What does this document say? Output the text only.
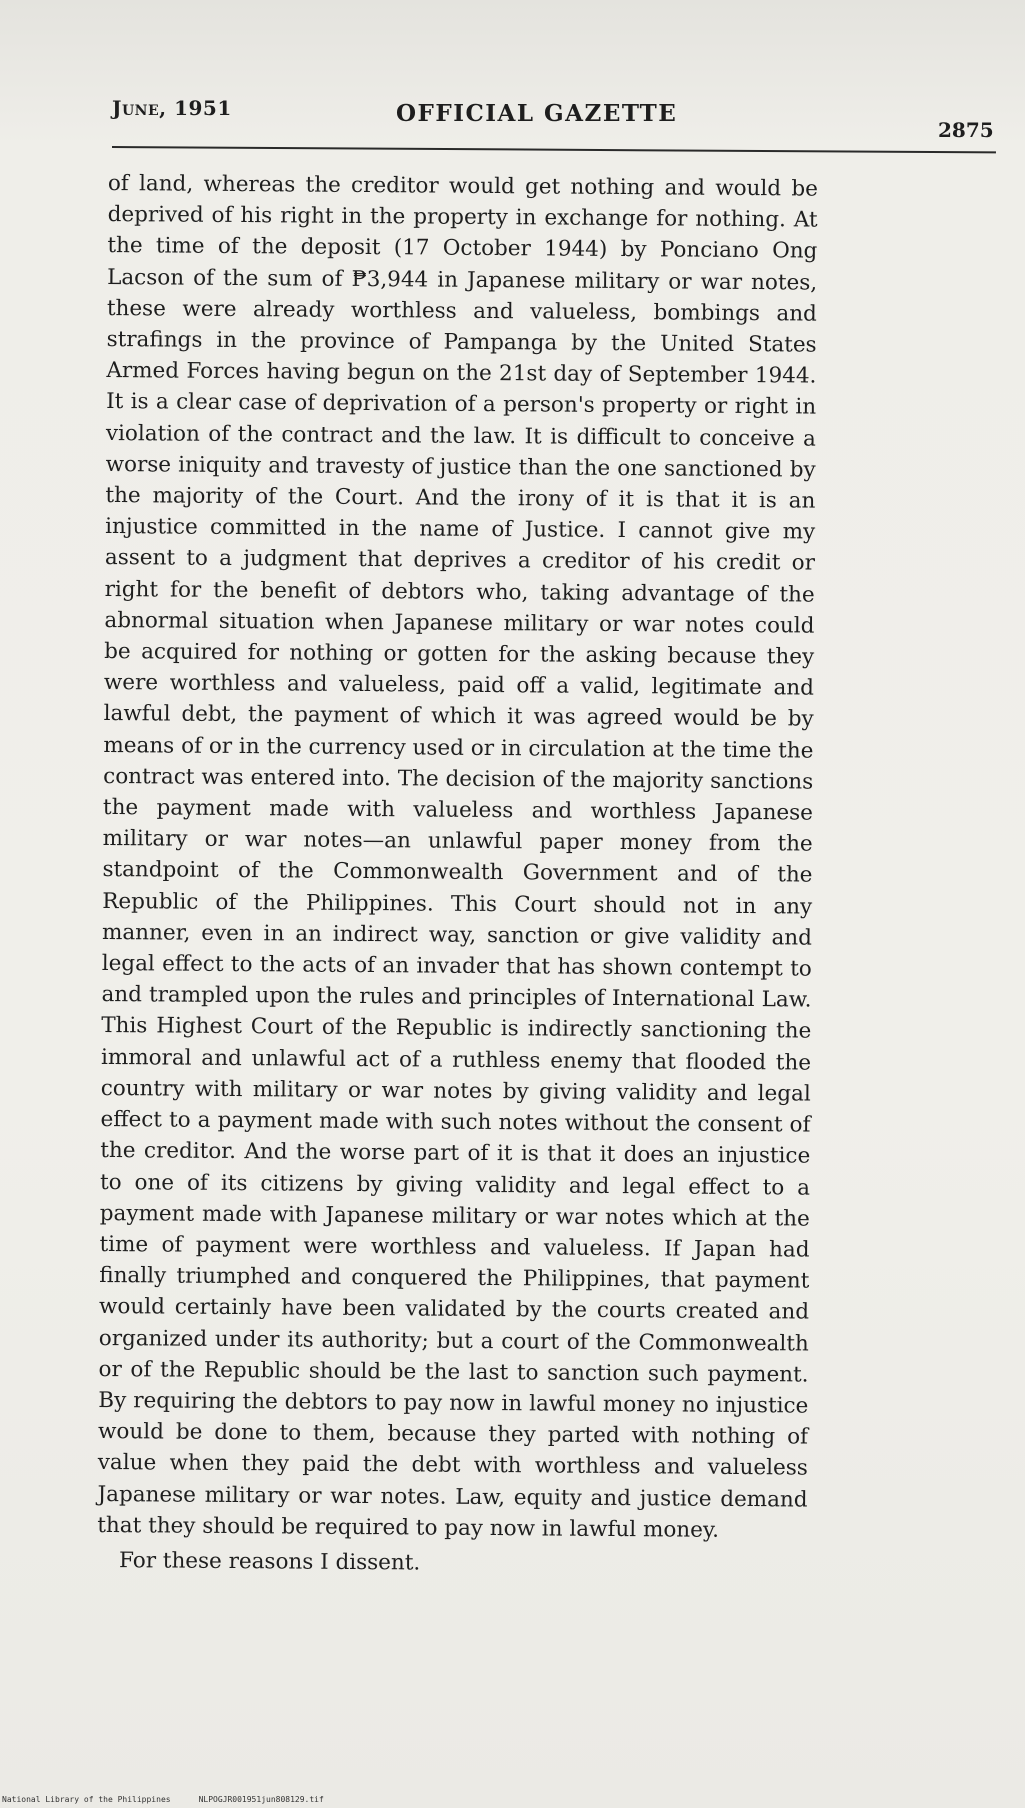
June, 1951	OFFICIAL GAZETTE
2875

of land, whereas the creditor would get nothing and would be deprived of his right in the property in exchange for nothing. At the time of the deposit (17 October 1944) by Ponciano Ong Lacson of the sum of ₱3,944 in Japanese military or war notes, these were already worthless and valueless, bombings and strafings in the province of Pampanga by the United States Armed Forces having begun on the 21st day of September 1944. It is a clear case of deprivation of a person's property or right in violation of the contract and the law. It is difficult to conceive a worse iniquity and travesty of justice than the one sanctioned by the majority of the Court. And the irony of it is that it is an injustice committed in the name of Justice. I cannot give my assent to a judgment that deprives a creditor of his credit or right for the benefit of debtors who, taking advantage of the abnormal situation when Japanese military or war notes could be acquired for nothing or gotten for the asking because they were worthless and valueless, paid off a valid, legitimate and lawful debt, the payment of which it was agreed would be by means of or in the currency used or in circulation at the time the contract was entered into. The decision of the majority sanctions the payment made with valueless and worthless Japanese military or war notes—an unlawful paper money from the standpoint of the Commonwealth Government and of the Republic of the Philippines. This Court should not in any manner, even in an indirect way, sanction or give validity and legal effect to the acts of an invader that has shown contempt to and trampled upon the rules and principles of International Law. This Highest Court of the Republic is indirectly sanctioning the immoral and unlawful act of a ruthless enemy that flooded the country with military or war notes by giving validity and legal effect to a payment made with such notes without the consent of the creditor. And the worse part of it is that it does an injustice to one of its citizens by giving validity and legal effect to a payment made with Japanese military or war notes which at the time of payment were worthless and valueless. If Japan had finally triumphed and conquered the Philippines, that payment would certainly have been validated by the courts created and organized under its authority; but a court of the Commonwealth or of the Republic should be the last to sanction such payment. By requiring the debtors to pay now in lawful money no injustice would be done to them, because they parted with nothing of value when they paid the debt with worthless and valueless Japanese military or war notes. Law, equity and justice demand that they should be required to pay now in lawful money.

For these reasons I dissent.

National Library of the Philippines	NLPOGJR001951jun808129.tif
